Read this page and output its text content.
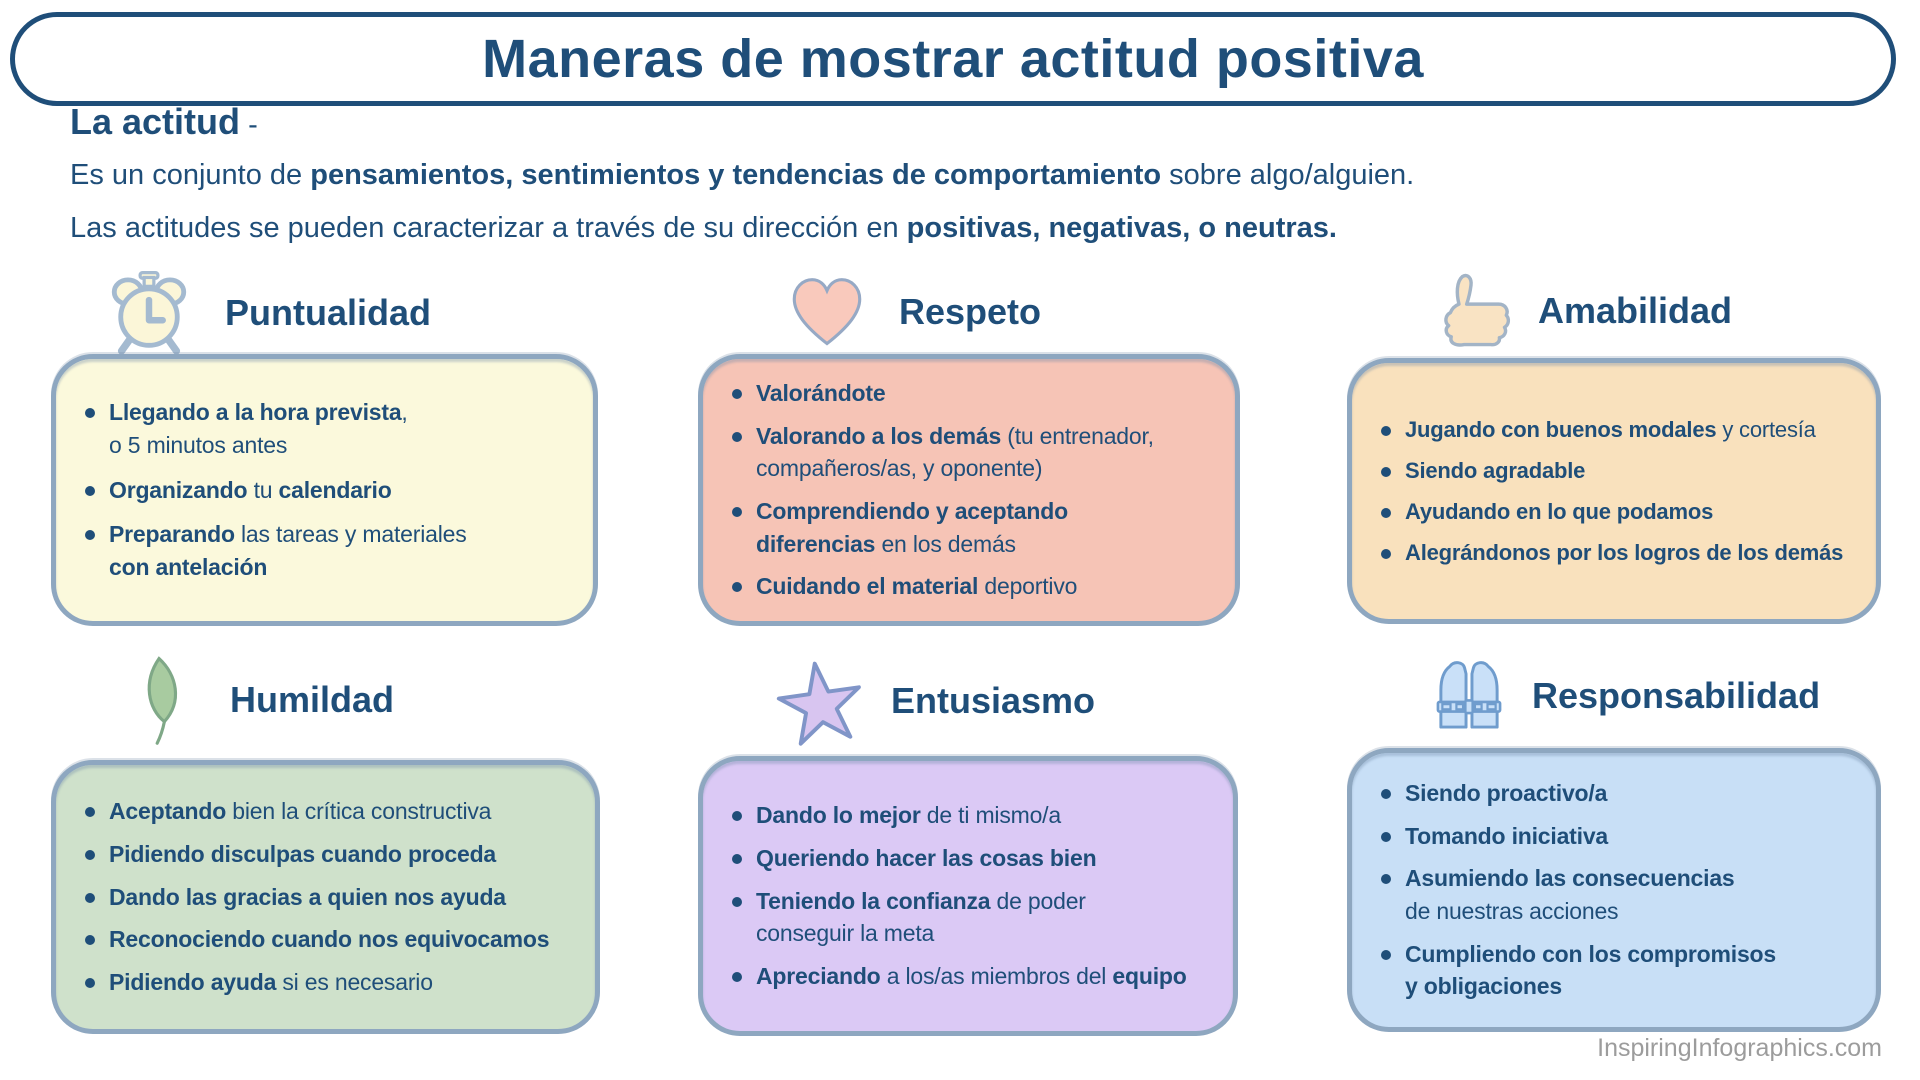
Maneras de mostrar actitud positiva
La actitud -

Es un conjunto de pensamientos, sentimientos y tendencias de comportamiento sobre algo/alguien.

Las actitudes se pueden caracterizar a través de su dirección en positivas, negativas, o neutras.

Puntualidad
Llegando a la hora prevista,
o 5 minutos antes
Organizando tu calendario
Preparando las tareas y materiales
con antelación
Respeto
Valorándote
Valorando a los demás (tu entrenador,
compañeros/as, y oponente)
Comprendiendo y aceptando
diferencias en los demás
Cuidando el material deportivo
Amabilidad
Jugando con buenos modales y cortesía
Siendo agradable
Ayudando en lo que podamos
Alegrándonos por los logros de los demás
Humildad
Aceptando bien la crítica constructiva
Pidiendo disculpas cuando proceda
Dando las gracias a quien nos ayuda
Reconociendo cuando nos equivocamos
Pidiendo ayuda si es necesario
Entusiasmo
Dando lo mejor de ti mismo/a
Queriendo hacer las cosas bien
Teniendo la confianza de poder
conseguir la meta
Apreciando a los/as miembros del equipo
Responsabilidad
Siendo proactivo/a
Tomando iniciativa
Asumiendo las consecuencias
de nuestras acciones
Cumpliendo con los compromisos
y obligaciones
InspiringInfographics.com
